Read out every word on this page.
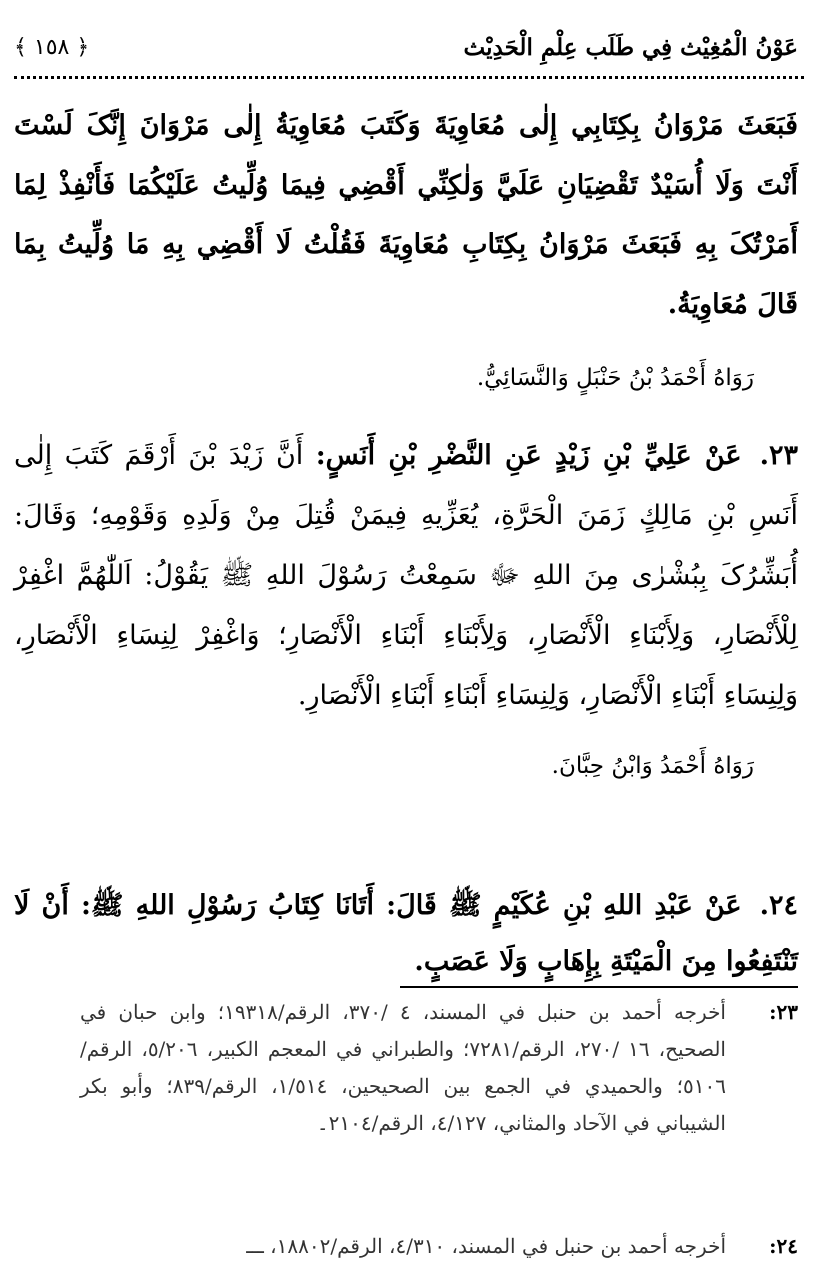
عَوْنُ الْمُغِيْث فِي طَلَب عِلْمِ الْحَدِيْث
﴿ ١٥٨ ﴾
فَبَعَثَ مَرْوَانُ بِكِتَابِي إِلٰى مُعَاوِيَةَ وَكَتَبَ مُعَاوِيَةُ إِلٰى مَرْوَانَ إِنَّکَ لَسْتَ أَنْتَ وَلَا أُسَيْدٌ تَقْضِيَانِ عَلَيَّ وَلٰكِنِّي أَقْضِي فِيمَا وُلِّيتُ عَلَيْكُمَا فَأَنْفِذْ لِمَا أَمَرْتُکَ بِهِ فَبَعَثَ مَرْوَانُ بِكِتَابِ مُعَاوِيَةَ فَقُلْتُ لَا أَقْضِي بِهِ مَا وُلِّيتُ بِمَا قَالَ مُعَاوِيَةُ.
رَوَاهُ أَحْمَدُ بْنُ حَنْبَلٍ وَالنَّسَائِيُّ.
٢٣.عَنْ عَلِيِّ بْنِ زَيْدٍ عَنِ النَّضْرِ بْنِ أَنَسٍ: أَنَّ زَيْدَ بْنَ أَرْقَمَ كَتَبَ إِلٰى أَنَسِ بْنِ مَالِكٍ زَمَنَ الْحَرَّةِ، يُعَزِّيهِ فِيمَنْ قُتِلَ مِنْ وَلَدِهِ وَقَوْمِهِ؛ وَقَالَ: أُبَشِّرُکَ بِبُشْرٰى مِنَ اللهِ ﷻ سَمِعْتُ رَسُوْلَ اللهِ ﷺ يَقُوْلُ: اَللّٰهُمَّ اغْفِرْ لِلْأَنْصَارِ، وَلِأَبْنَاءِ الْأَنْصَارِ، وَلِأَبْنَاءِ أَبْنَاءِ الْأَنْصَارِ؛ وَاغْفِرْ لِنِسَاءِ الْأَنْصَارِ، وَلِنِسَاءِ أَبْنَاءِ الْأَنْصَارِ، وَلِنِسَاءِ أَبْنَاءِ أَبْنَاءِ الْأَنْصَارِ.
رَوَاهُ أَحْمَدُ وَابْنُ حِبَّانَ.
٢٤.عَنْ عَبْدِ اللهِ بْنِ عُكَيْمٍ ﷺ قَالَ: أَتَانَا كِتَابُ رَسُوْلِ اللهِ ﷺ: أَنْ لَا تَنْتَفِعُوا مِنَ الْمَيْتَةِ بِإِهَابٍ وَلَا عَصَبٍ.
٢٣:
أخرجه أحمد بن حنبل في المسند، ٤ /٣٧٠، الرقم/١٩٣١٨؛ وابن حبان في الصحيح، ١٦ /٢٧٠، الرقم/٧٢٨١؛ والطبراني في المعجم الكبير، ٥/٢٠٦، الرقم/٥١٠٦؛ والحميدي في الجمع بين الصحيحين، ١/٥١٤، الرقم/٨٣٩؛ وأبو بكر الشيباني في الآحاد والمثاني، ٤/١٢٧، الرقم/٢١٠٤۔
٢٤:
أخرجه أحمد بن حنبل في المسند، ٤/٣١٠، الرقم/١٨٨٠٢، ـــ
